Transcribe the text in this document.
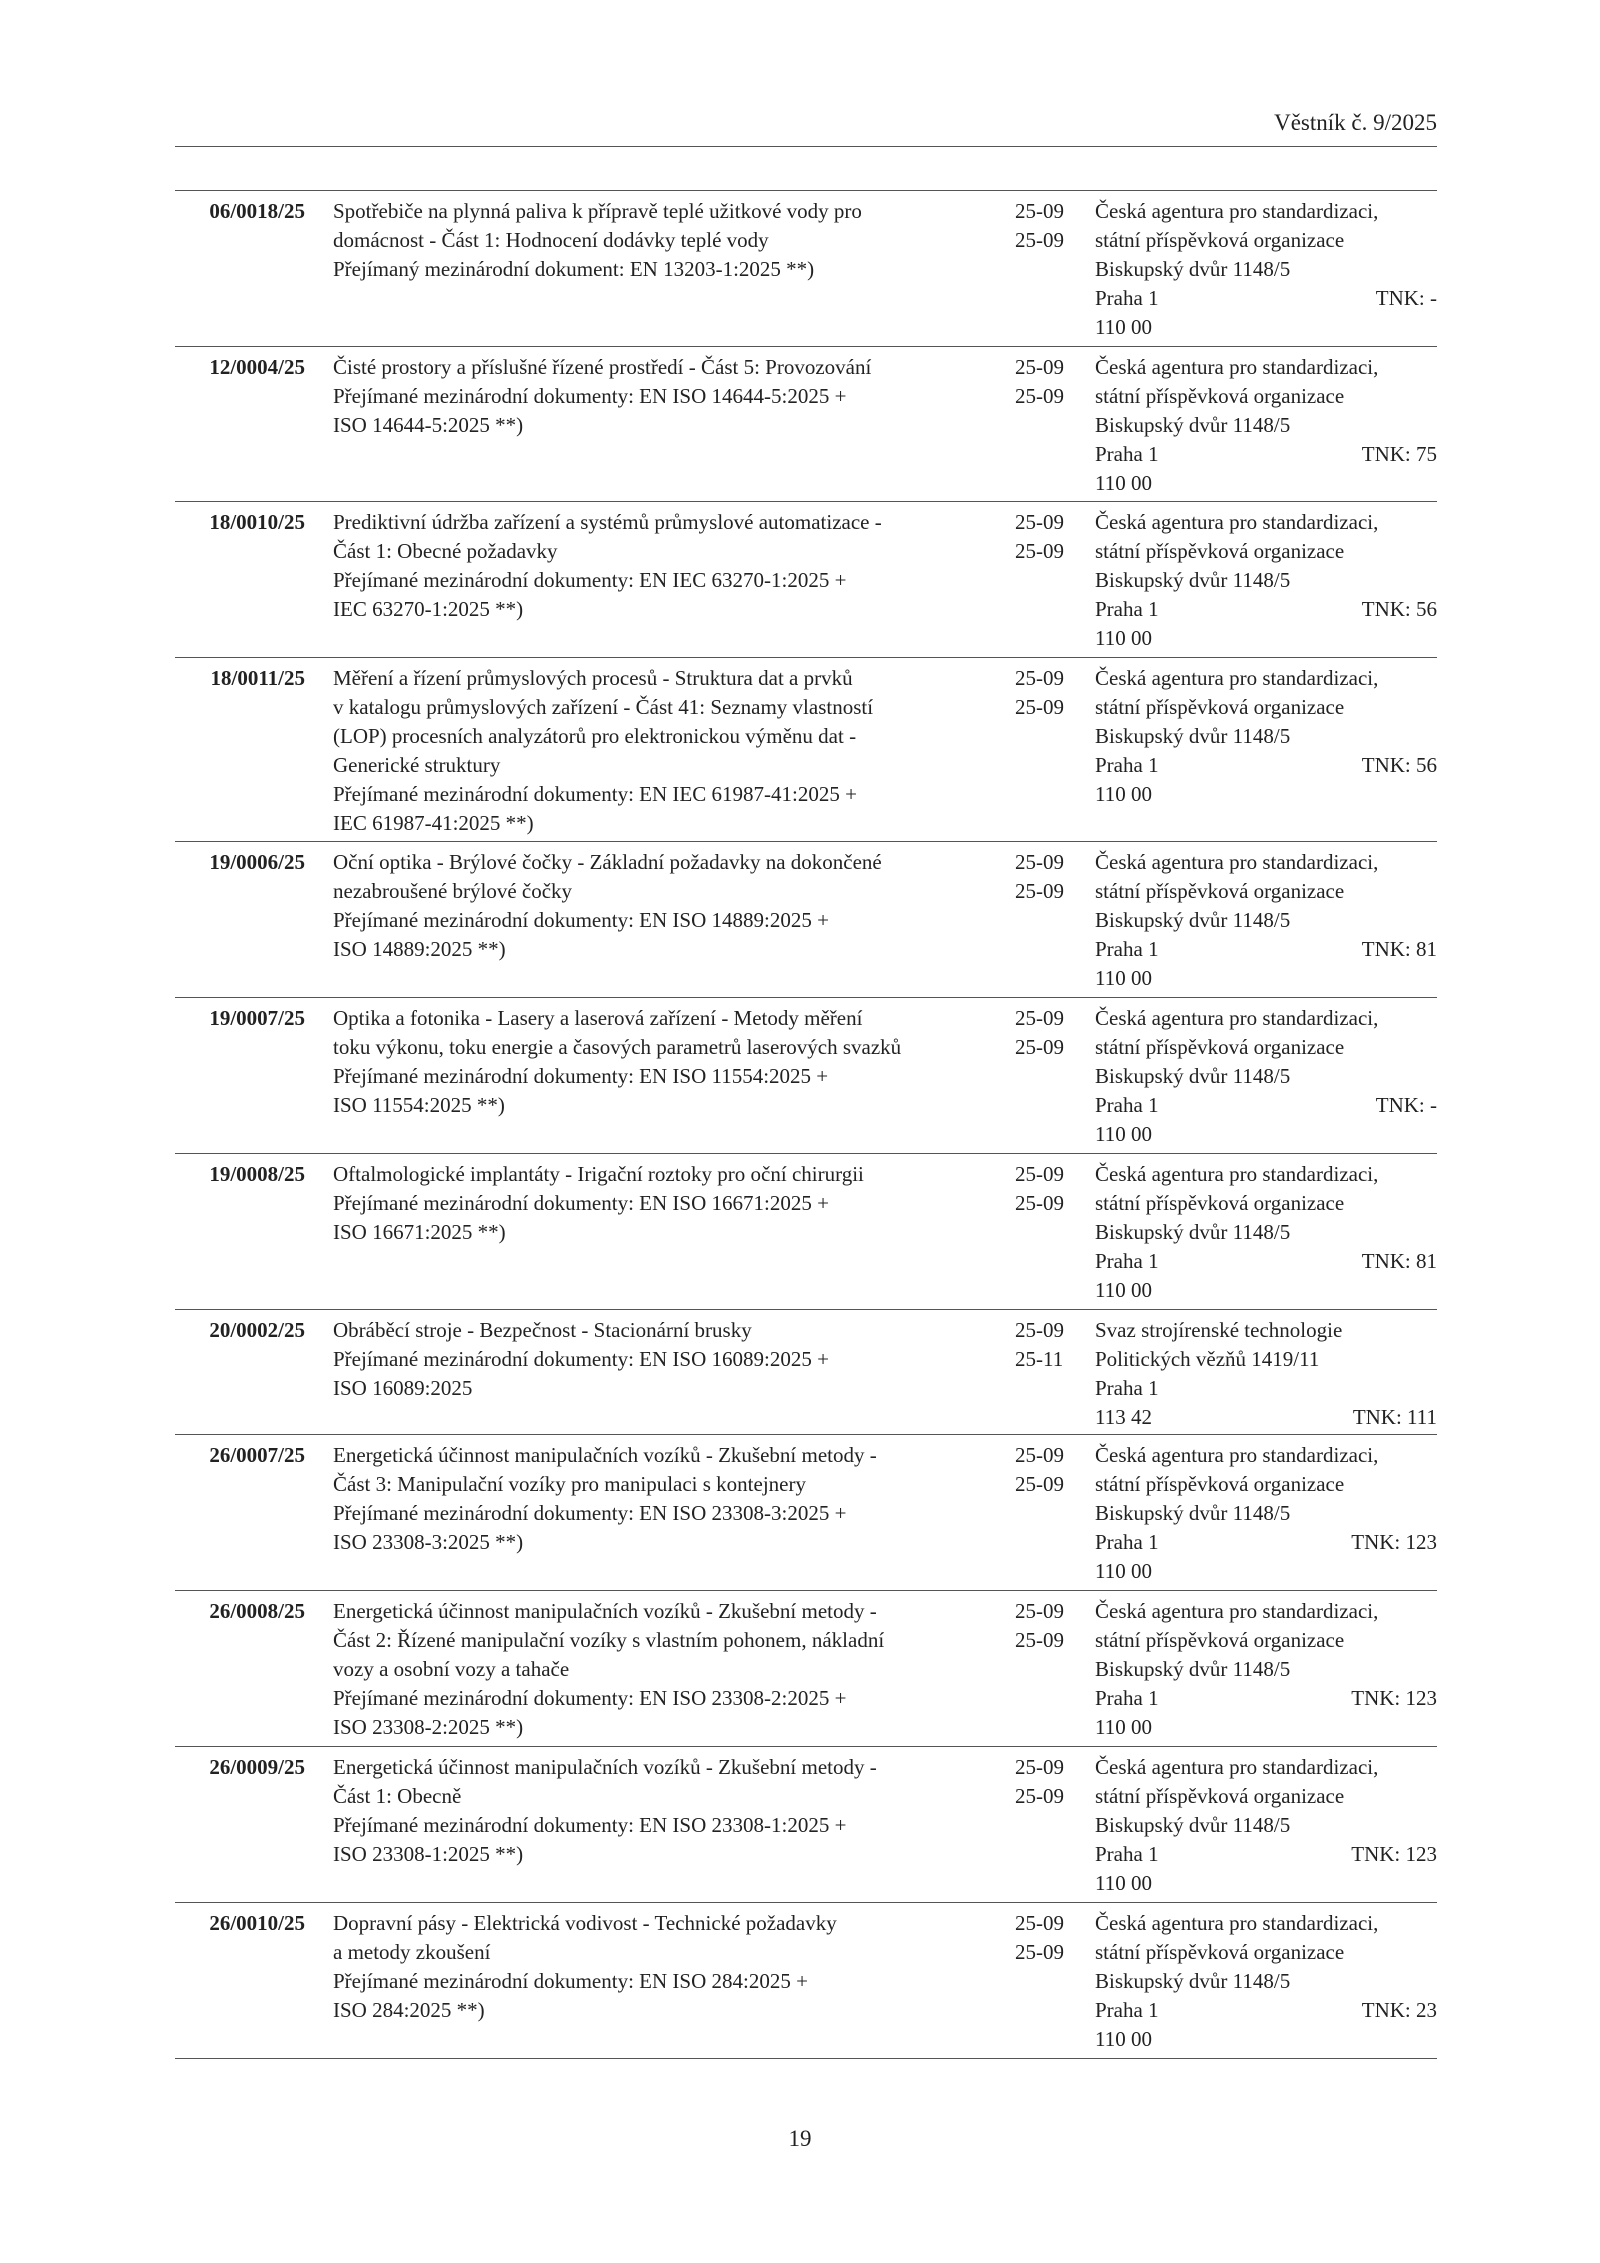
Věstník č. 9/2025
06/0018/25
TNK: -
Spotřebiče na plynná paliva k přípravě teplé užitkové vody pro
domácnost - Část 1: Hodnocení dodávky teplé vody
Přejímaný mezinárodní dokument: EN 13203-1:2025 **)
25-09
25-09
Česká agentura pro standardizaci,
státní příspěvková organizace
Biskupský dvůr 1148/5
Praha 1
110 00
12/0004/25
TNK: 75
Čisté prostory a příslušné řízené prostředí - Část 5: Provozování
Přejímané mezinárodní dokumenty: EN ISO 14644-5:2025 +
ISO 14644-5:2025 **)
25-09
25-09
Česká agentura pro standardizaci,
státní příspěvková organizace
Biskupský dvůr 1148/5
Praha 1
110 00
18/0010/25
TNK: 56
Prediktivní údržba zařízení a systémů průmyslové automatizace -
Část 1: Obecné požadavky
Přejímané mezinárodní dokumenty: EN IEC 63270-1:2025 +
IEC 63270-1:2025 **)
25-09
25-09
Česká agentura pro standardizaci,
státní příspěvková organizace
Biskupský dvůr 1148/5
Praha 1
110 00
18/0011/25
TNK: 56
Měření a řízení průmyslových procesů - Struktura dat a prvků
v katalogu průmyslových zařízení - Část 41: Seznamy vlastností
(LOP) procesních analyzátorů pro elektronickou výměnu dat -
Generické struktury
Přejímané mezinárodní dokumenty: EN IEC 61987-41:2025 +
IEC 61987-41:2025 **)
25-09
25-09
Česká agentura pro standardizaci,
státní příspěvková organizace
Biskupský dvůr 1148/5
Praha 1
110 00
19/0006/25
TNK: 81
Oční optika - Brýlové čočky - Základní požadavky na dokončené
nezabroušené brýlové čočky
Přejímané mezinárodní dokumenty: EN ISO 14889:2025 +
ISO 14889:2025 **)
25-09
25-09
Česká agentura pro standardizaci,
státní příspěvková organizace
Biskupský dvůr 1148/5
Praha 1
110 00
19/0007/25
TNK: -
Optika a fotonika - Lasery a laserová zařízení - Metody měření
toku výkonu, toku energie a časových parametrů laserových svazků
Přejímané mezinárodní dokumenty: EN ISO 11554:2025 +
ISO 11554:2025 **)
25-09
25-09
Česká agentura pro standardizaci,
státní příspěvková organizace
Biskupský dvůr 1148/5
Praha 1
110 00
19/0008/25
TNK: 81
Oftalmologické implantáty - Irigační roztoky pro oční chirurgii
Přejímané mezinárodní dokumenty: EN ISO 16671:2025 +
ISO 16671:2025 **)
25-09
25-09
Česká agentura pro standardizaci,
státní příspěvková organizace
Biskupský dvůr 1148/5
Praha 1
110 00
20/0002/25
TNK: 111
Obráběcí stroje - Bezpečnost - Stacionární brusky
Přejímané mezinárodní dokumenty: EN ISO 16089:2025 +
ISO 16089:2025
25-09
25-11
Svaz strojírenské technologie
Politických vězňů 1419/11
Praha 1
113 42
26/0007/25
TNK: 123
Energetická účinnost manipulačních vozíků - Zkušební metody -
Část 3: Manipulační vozíky pro manipulaci s kontejnery
Přejímané mezinárodní dokumenty: EN ISO 23308-3:2025 +
ISO 23308-3:2025 **)
25-09
25-09
Česká agentura pro standardizaci,
státní příspěvková organizace
Biskupský dvůr 1148/5
Praha 1
110 00
26/0008/25
TNK: 123
Energetická účinnost manipulačních vozíků - Zkušební metody -
Část 2: Řízené manipulační vozíky s vlastním pohonem, nákladní
vozy a osobní vozy a tahače
Přejímané mezinárodní dokumenty: EN ISO 23308-2:2025 +
ISO 23308-2:2025 **)
25-09
25-09
Česká agentura pro standardizaci,
státní příspěvková organizace
Biskupský dvůr 1148/5
Praha 1
110 00
26/0009/25
TNK: 123
Energetická účinnost manipulačních vozíků - Zkušební metody -
Část 1: Obecně
Přejímané mezinárodní dokumenty: EN ISO 23308-1:2025 +
ISO 23308-1:2025 **)
25-09
25-09
Česká agentura pro standardizaci,
státní příspěvková organizace
Biskupský dvůr 1148/5
Praha 1
110 00
26/0010/25
TNK: 23
Dopravní pásy - Elektrická vodivost - Technické požadavky
a metody zkoušení
Přejímané mezinárodní dokumenty: EN ISO 284:2025 +
ISO 284:2025 **)
25-09
25-09
Česká agentura pro standardizaci,
státní příspěvková organizace
Biskupský dvůr 1148/5
Praha 1
110 00
19
